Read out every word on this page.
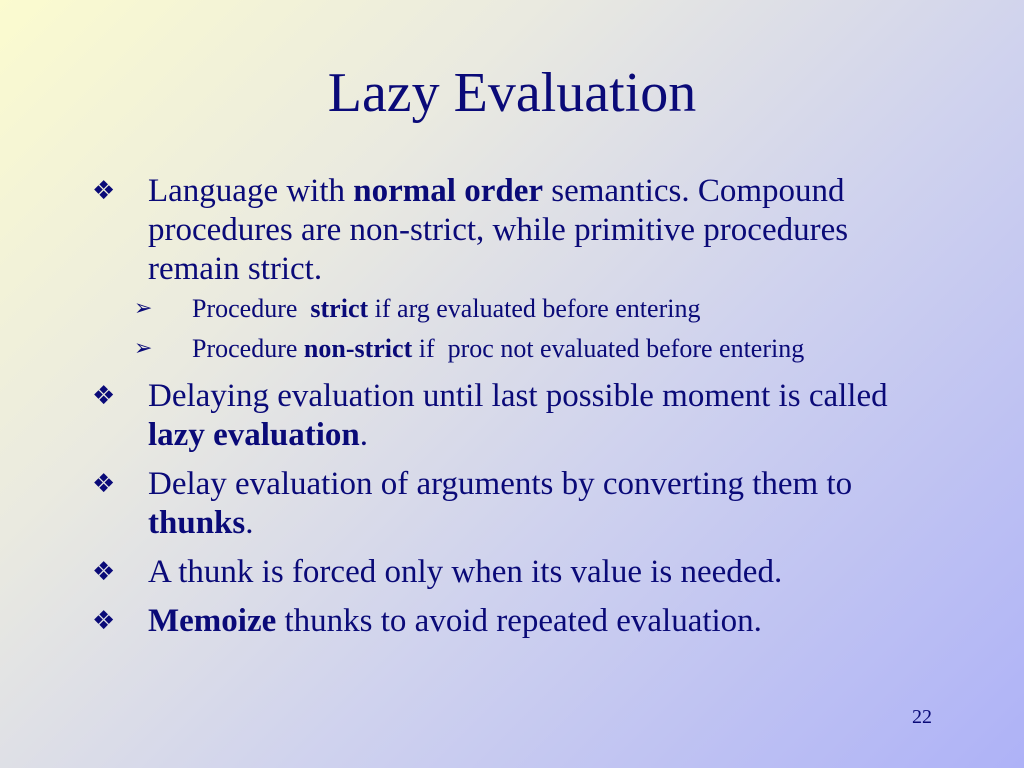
Lazy Evaluation
❖ Language with normal order semantics. Compound procedures are non-strict, while primitive procedures remain strict.
➢ Procedure  strict if arg evaluated before entering
➢ Procedure non-strict if  proc not evaluated before entering
❖ Delaying evaluation until last possible moment is called lazy evaluation.
❖ Delay evaluation of arguments by converting them to thunks.
❖ A thunk is forced only when its value is needed.
❖ Memoize thunks to avoid repeated evaluation.
22
